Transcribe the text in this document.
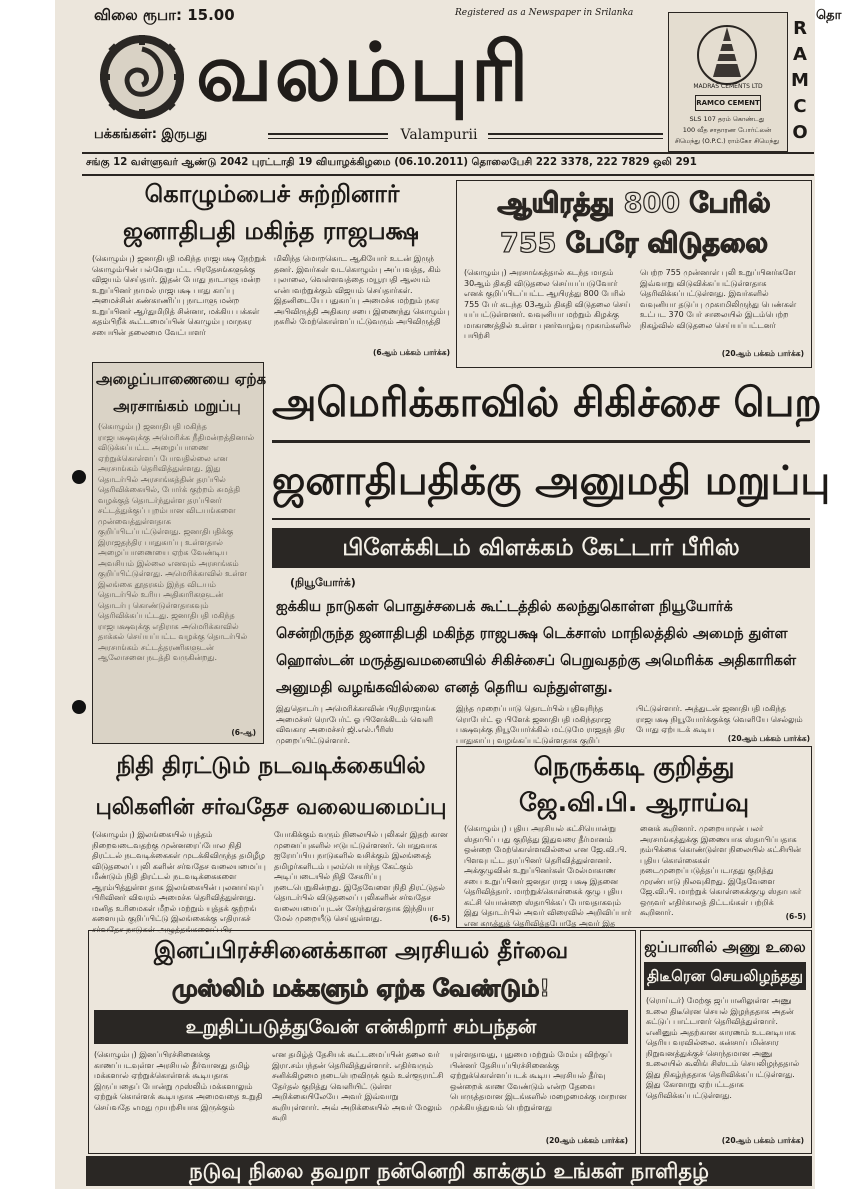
விலை ரூபா: 15.00	Registered as a Newspaper in Srilanka
வலம்புரி
பக்கங்கள்: இருபது	Valampurii
MADRAS CEMENTS LTD
RAMCO CEMENT
SLS 107 தரம் கொண்டது
100 வீத சாதாரண போர்ட்லன்
சிமெந்து (O.P.C.) ராம்கோ சிமெந்து
RAMCO
தொ
சங்கு 12 வள்ளுவர் ஆண்டு 2042 புரட்டாதி 19 வியாழக்கிழமை (06.10.2011) தொலைபேசி 222 3378, 222 7829 ஒலி 291
கொழும்பைச் சுற்றினார்
ஜனாதிபதி மகிந்த ராஜபக்ஷ
(கொழும்பு) ஜனாதிபதி மகிந்த ராஜபக்ஷ நேற்றுக் கொழும்பின் பல்வேறுபட்ட பிரதேசங்களுக்கு விஜயம் செய்தார். இதன் போது நாடாளு மன்ற உறுப்பினர் நாமல் ராஜபக்ஷ பாது காப்பு அமைச்சின் கண்காணிப்பு நாடாளு மன்ற உறுப்பினர் ஆர்துமிறித் சின்னா, மக்கிய பக்கள் கதம்பிறீக் கூட்டமைப்பின் கொழும்பு மாநகர சபையின் தலைமை வேட்பாளர்
மிலிந்த மொறகொட ஆகியோர் உடன் இருந் தனர். இவர்கள் வடகொழும்பு அப்பவத்த, கிம் புலாலை, வெள்ளவத்தை மயூரபதி ஆலயம் என்பவற்றுக்கும் விஜயம் செய்தார்கள். இதனிடையே பதுகாப்பு அமைச்சு மற்றும் நகர அபிவிருத்தி அதிகார சபை இணைந்து கொழும்பு நகரில் மேற்கொள்ளப்பட்டுவரும் அபிவிருத்தி
(6ஆம் பக்கம் பார்க்க)
ஆயிரத்து 800 பேரில்
755 பேரே விடுதலை
(கொழும்பு) அரசாங்கத்தால் கடந்த மாதம் 30ஆம் திகதி விடுதலை செய்யப்படுவோர் எனக் குறிப்பிடப்பட்ட ஆயிரத்து 800 பேரில் 755 பேர் கடந்த 03ஆம் திகதி விடுதலை செய் யப்பட்டுள்ளனர். வவுனியா மற்றும் கிழக்கு மாகாணத்தில் உள்ள புனர்வாழ்வு முகாம்களில் பயிற்சி
பெற்ற 755 முன்னாள் புலி உறுப்பினர்களே இவ்வாறு விடுவிக்கப்பட்டுள்ளதாக தெரிவிக்கப்பட்டுள்ளது. இவர்களில் வவுனியா தடுப்பு முகாமிலிருந்து பெண்கள் உட்பட 370 பேர் சாலையில் இடம்பெற்ற நிகழ்வில் விடுதலை செய்யப்பட்டனர்
(20ஆம் பக்கம் பார்க்க)
அழைப்பாணையை ஏற்க
அரசாங்கம் மறுப்பு
(கொழும்பு) ஜனாதிபதி மகிந்த ராஜபக்ஷவுக்கு அமெரிக்க நீதிமன்றத்தினால் விடுக்கப்பட்ட அழைப்பாணை ஏற்றுக்கொள்ளப் போவதில்லை என அரசாங்கம் தெரிவித்துள்ளது. இது தொடர்பில் அரசாங்கத்தின் தரப்பில் தெரிவிக்கையில், போர்க் குற்றம் சுமத்தி வழக்குத் தொடர்ந்துள்ள தரப்பினர் சட்டத்துக்குப் புறம்பான விடயங்களை முன்வைத்துள்ளதாக குறிப்பிடப்பட்டுள்ளது. ஜனாதிபதிக்கு இராஜதந்திர பாதுகாப்பு உள்ளதால் அழைப்பாணையை ஏற்க வேண்டிய அவசியம் இல்லை எனவும் அரசாங்கம் குறிப்பிட்டுள்ளது. அமெரிக்காவில் உள்ள இலங்கை தூதரகம் இந்த விடயம் தொடர்பில் உரிய அதிகாரிகளுடன் தொடர்பு கொண்டுள்ளதாகவும் தெரிவிக்கப்பட்டது. ஜனாதிபதி மகிந்த ராஜபக்ஷவுக்கு எதிராக அமெரிக்காவில் தாக்கல் செய்யப்பட்ட வழக்கு தொடர்பில் அரசாங்கம் சட்டத்தரணிகளுடன் ஆலோசனை நடத்தி வருகின்றது.
(6-ஆ)
அமெரிக்காவில் சிகிச்சை பெற
ஜனாதிபதிக்கு அனுமதி மறுப்பு
பிளேக்கிடம் விளக்கம் கேட்டார் பீரிஸ்
(நியூயோர்க்)
ஐக்கிய நாடுகள் பொதுச்சபைக் கூட்டத்தில் கலந்துகொள்ள நியூயோர்க் சென்றிருந்த ஜனாதிபதி மகிந்த ராஜபக்ஷ டெக்சாஸ் மாநிலத்தில் அமைந் துள்ள ஹொஸ்டன் மருத்துவமனையில் சிகிச்சைப் பெறுவதற்கு அமெரிக்க அதிகாரிகள் அனுமதி வழங்கவில்லை எனத் தெரிய வந்துள்ளது.
இதுதொடர்பு அமெரிக்காவின் பிரதிராஜாங்க அமைச்சர் ரொபேர்ட் ஓ பிளேக்கிடம் வெளி விவகார அமைச்சர் ஜி.எல்.பீரிஸ் முறைப்பிட்டுள்ளார்.
இந்த முறைப்பாடு தொடர்பில் புதிவுரிந்த ரொபேர்ட் ஓ பிளேக் ஜனாதிபதி மகிந்தராஜ பக்ஷவுக்கு நியூயோர்க்கில் மட்டுமே ராஜதந் திர பாதுகாப்பு வழங்கப்பட்டுள்ளதாக குறிப்
பிட்டுள்ளார். அத்துடன் ஜனாதிபதி மகிந்த ராஜபக்ஷ நியூயோர்க்குக்கு வெளியே செல்லும் போது ஏற்படக் கூடிய
(20ஆம் பக்கம் பார்க்க)
நிதி திரட்டும் நடவடிக்கையில்
புலிகளின் சர்வதேச வலையமைப்பு
(கொழும்பு) இலங்கையில் யுத்தம் நிறைவடைவதற்கு முன்னரைப்போல நிதி திரட்டல் நடவடிக்கைகள் முடக்கிவிருந்த தமிழீழ விடுதலைப் புலி களின் சர்வதேச வலையமைப்பு மீண்டும் நிதி திரட்டல் நடவடிக்கைகளை ஆரம்பித்துள்ள தாக இலங்கையின் புலனாய்வுப் பிரிவினர் விவரம் அமைச்சு தெரிவித்துள்ளது. மனித உரிமைகள் மீறல் மற்றும் யுத்தக் குற்றங் களையும் குறிப்பிட்டு இலங்கைக்கு எதிராகச் சர்வதேச நாடுகள் அழுத்தங்களைப் பிர
யோகிக்கும் வரும் நிலையில் புலிகள் இதற் கான முனைப்புகளில் ஈடுபட்டுள்ளனர். பொதுவாக ஐரோப்பிய நாடுகளில் வசிக்கும் இலங்கைத் தமிழர்களிடம் புலம்பெயர்ந்த கேட்கும் அடிப்படையில் நிதி சேகரிப்பு நடைபெறுகின்றது. இதேவேளை நிதி திரட்டுதல் தொடர்பில் விடுதலைப் புலிகளின் சர்வதேச வலையமைப்புடன் சேர்ந்துள்ளதாக இந்தியா மேல் முறையீடு செய்துள்ளது.	(6-5)
நெருக்கடி குறித்து
ஜே.வி.பி. ஆராய்வு
(கொழும்பு) புதிய அரசியல் கட்சியொன்று ஸ்தாபிப் பது குறித்து இதுவரை தீர்மானம் ஒன்றை மேற்கொள்ளவில்லை என ஜே.வி.பி. பிளவுபட்ட தரப்பினர் தெரிவித்துள்ளனர். அக்குழுவின் உறுப்பினர்கள் மேல்மாகாண சபை உறுப்பினர் ஜனதா ராஜ பக்ஷ இதனை தெரிவித்தார். மாற்றுக்கொள்கைக் குழு புதிய கட்சி யொன்றை ஸ்தாபிக்கப் போவதாகவும் இது தொடர்பில் அவர் விரைவில் அறிவிப்பார் என கருத்துத் தெரிவித்தபோதே அவர் இத
னைக் கூறினார். முறையாரன் பலர் அரசாங்கத்துக்கு இணையாக ஸ்தாபிப்பதாக நம்பிக்கை கொண்டுள்ள நிலையில் கட்சியின் புதிய கொள்கைகள் நடைமுறைப்படுத்தப்படாதது குறித்து முரண்பாடு நிலவுகிறது. இதேவேளை ஜே.வி.பி. மாற்றுக் கொள்கைக்குழு ஸ்தாபகர் ஒருவர் எதிர்காலத் திட்டங்கள் பற்றிக் கூறினார்.	(6-5)
இனப்பிரச்சினைக்கான அரசியல் தீர்வை
முஸ்லிம் மக்களும் ஏற்க வேண்டும்!
உறுதிப்படுத்துவேன் என்கிறார் சம்பந்தன்
(கொழும்பு) இனப்பிரச்சினைக்கு காணப்படவுள்ள அரசியல் தீர்வானது தமிழ் மக்களால் ஏற்றுக்கொள்ளக் கூடியதாக இருப்பதைப் போன்று முஸ்லிம் மக்களாலும் ஏற்றுக் கொள்ளக் கூடியதாக அமைவதை உறுதி செய்வதே எமது முயற்சியாக இருக்கும்
என தமிழ்த் தேசியக் கூட்டமைப்பின் தலை வர் இரா.சம்பந்தன் தெரிவித்துள்ளார். எதிர்வரும் சனிக்கிழமை நடைபெறவிருக் கும் உள்ளூராட்சி தேர்தல் குறித்து வெளியிட் டுள்ள அறிக்கையிலேயே அவர் இவ்வாறு கூறியுள்ளார். அவ் அறிக்கையில் அவர் மேலும் கூறி
யுள்ளதாவது, புதுமை மற்றும் மேம்பு விற்குப் பின்னர் தேசியப்பிரச்சினைக்கு ஏற்றுக்கொள்ளப்படக் கூடிய அரசியல் தீர்வு ஒன்றைக் காண வேண்டும் என்ற தேவை பொருத்தமான இடங்களில் மழைமைக்கு மாறான முக்கியத்துவம் பெற்றுள்ளது
(20ஆம் பக்கம் பார்க்க)
ஜப்பானில் அணு உலை
திடீரென செயலிழந்தது
(ரொய்டர்) மேற்கு ஜப்பானிலுள்ள அணு உலை திடீரென செயல் இழந்ததாக அதன் கட்டுப் பாட்டாளர் தெரிவித்துள்ளார். எனினும் அதற்கான காரணம் உடனடியாக தெரிய வரவில்லை. கன்சாய் மின்சார நிறுவனத்துக்குச் சொந்தமான அணு உலையில் கூலிங் சிஸ்டம் செயலிழந்ததால் இது நிகழ்ந்ததாக தெரிவிக்கப்பட்டுள்ளது. இது கோளாறு ஏற்பட்டதாக தெரிவிக்கப்பட்டுள்ளது.
(20ஆம் பக்கம் பார்க்க)
நடுவு நிலை தவறா நன்னெறி காக்கும் உங்கள் நாளிதழ்
